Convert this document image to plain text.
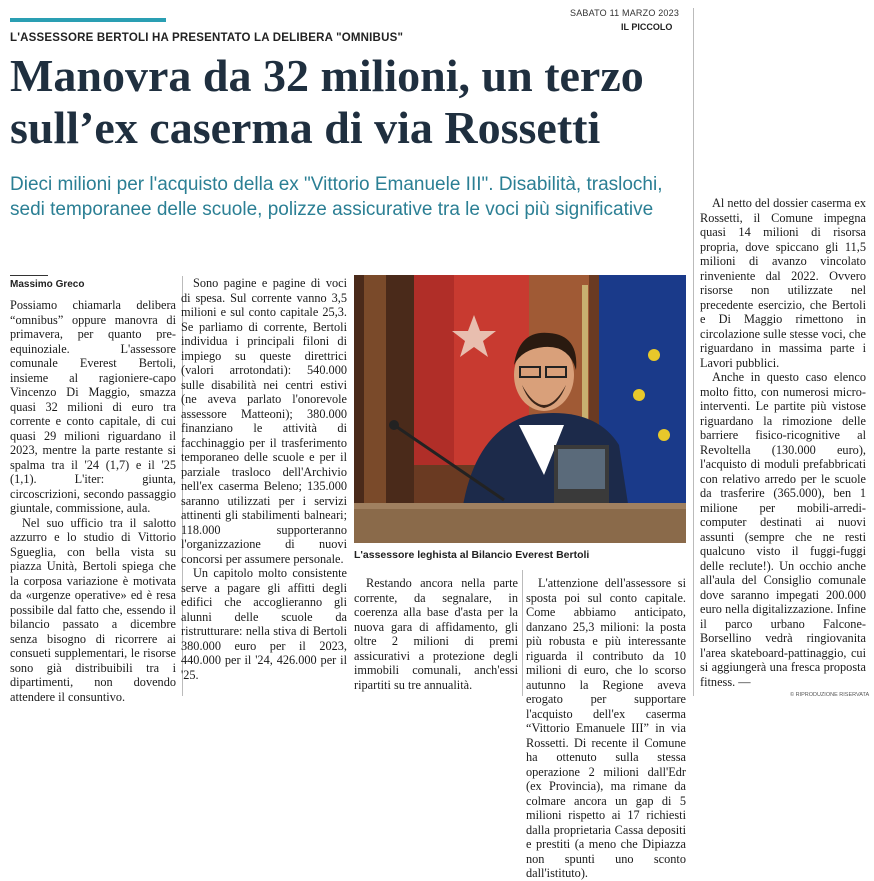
SABATO 11 MARZO 2023
IL PICCOLO
L'ASSESSORE BERTOLI HA PRESENTATO LA DELIBERA "OMNIBUS"
Manovra da 32 milioni, un terzo
sull’ex caserma di via Rossetti

Dieci milioni per l'acquisto della ex "Vittorio Emanuele III". Disabilità, traslochi,
sedi temporanee delle scuole, polizze assicurative tra le voci più significative

Massimo Greco

Possiamo chiamarla delibera “omnibus” oppure manovra di primavera, per quanto pre-equinoziale. L'assessore comunale Everest Bertoli, insieme al ragioniere-capo Vincenzo Di Maggio, smazza quasi 32 milioni di euro tra corrente e conto capitale, di cui quasi 29 milioni riguardano il 2023, mentre la parte restante si spalma tra il '24 (1,7) e il '25 (1,1). L'iter: giunta, circoscrizioni, secondo passaggio giuntale, commissione, aula.

Nel suo ufficio tra il salotto azzurro e lo studio di Vittorio Sgueglia, con bella vista su piazza Unità, Bertoli spiega che la corposa variazione è motivata da «urgenze operative» ed è resa possibile dal fatto che, essendo il bilancio passato a dicembre senza bisogno di ricorrere ai consueti supplementari, le risorse sono già distribuibili tra i dipartimenti, non dovendo attendere il consuntivo.

Sono pagine e pagine di voci di spesa. Sul corrente vanno 3,5 milioni e sul conto capitale 25,3. Se parliamo di corrente, Bertoli individua i principali filoni di impiego su queste direttrici (valori arrotondati): 540.000 sulle disabilità nei centri estivi (ne aveva parlato l'onorevole assessore Matteoni); 380.000 finanziano le attività di facchinaggio per il trasferimento temporaneo delle scuole e per il parziale trasloco dell'Archivio nell'ex caserma Beleno; 135.000 saranno utilizzati per i servizi attinenti gli stabilimenti balneari; 118.000 supporteranno l'organizzazione di nuovi concorsi per assumere personale.

Un capitolo molto consistente serve a pagare gli affitti degli edifici che accoglieranno gli alunni delle scuole da ristrutturare: nella stiva di Bertoli 380.000 euro per il 2023, 440.000 per il '24, 426.000 per il '25.

L'assessore leghista al Bilancio Everest Bertoli

Restando ancora nella parte corrente, da segnalare, in coerenza alla base d'asta per la nuova gara di affidamento, gli oltre 2 milioni di premi assicurativi a protezione degli immobili comunali, anch'essi ripartiti su tre annualità.

L'attenzione dell'assessore si sposta poi sul conto capitale. Come abbiamo anticipato, danzano 25,3 milioni: la posta più robusta e più interessante riguarda il contributo da 10 milioni di euro, che lo scorso autunno la Regione aveva erogato per supportare l'acquisto dell'ex caserma “Vittorio Emanuele III” in via Rossetti. Di recente il Comune ha ottenuto sulla stessa operazione 2 milioni dall'Edr (ex Provincia), ma rimane da colmare ancora un gap di 5 milioni rispetto ai 17 richiesti dalla proprietaria Cassa depositi e prestiti (a meno che Dipiazza non spunti uno sconto dall'istituto).

Al netto del dossier caserma ex Rossetti, il Comune impegna quasi 14 milioni di risorsa propria, dove spiccano gli 11,5 milioni di avanzo vincolato rinveniente dal 2022. Ovvero risorse non utilizzate nel precedente esercizio, che Bertoli e Di Maggio rimettono in circolazione sulle stesse voci, che riguardano in massima parte i Lavori pubblici.

Anche in questo caso elenco molto fitto, con numerosi micro-interventi. Le partite più vistose riguardano la rimozione delle barriere fisico-ricognitive al Revoltella (130.000 euro), l'acquisto di moduli prefabbricati con relativo arredo per le scuole da trasferire (365.000), ben 1 milione per mobili-arredi-computer destinati ai nuovi assunti (sempre che ne resti qualcuno visto il fuggi-fuggi delle reclute!). Un occhio anche all'aula del Consiglio comunale dove saranno impegati 200.000 euro nella digitalizzazione. Infine il parco urbano Falcone-Borsellino vedrà ringiovanita l'area skateboard-pattinaggio, cui si aggiungerà una fresca proposta fitness. —

© RIPRODUZIONE RISERVATA
